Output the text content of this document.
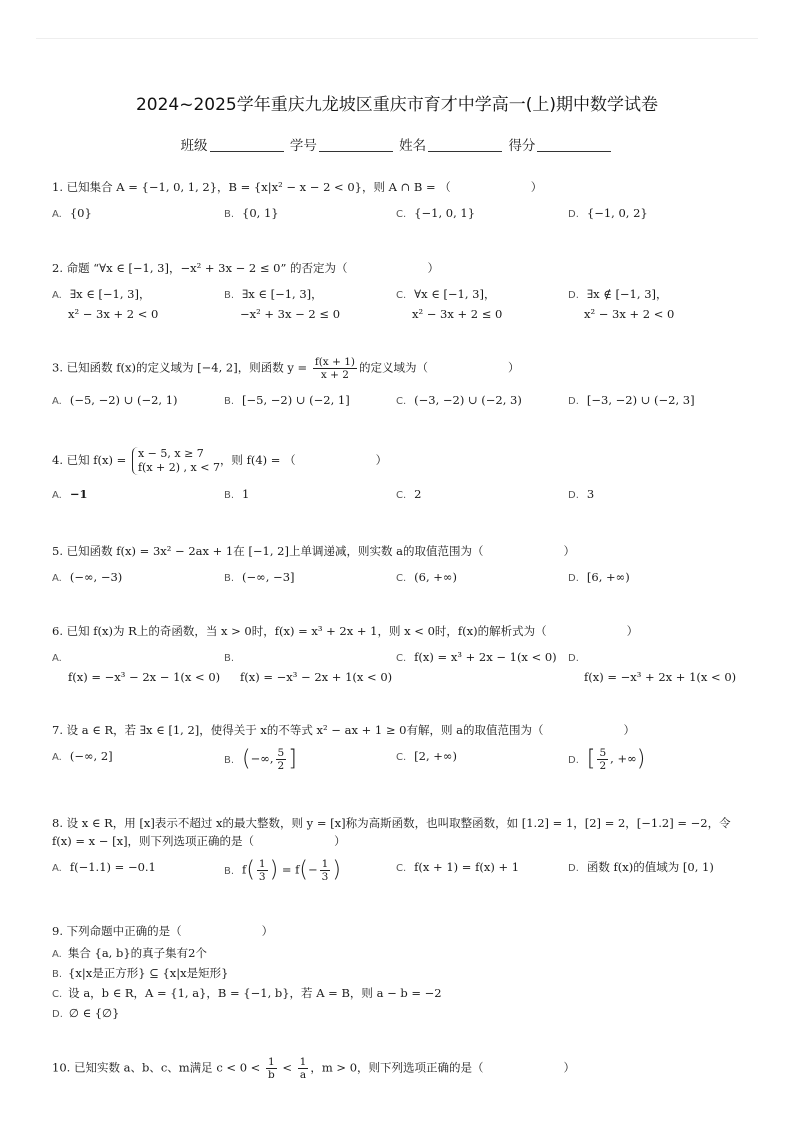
2024~2025学年重庆九龙坡区重庆市育才中学高一(上)期中数学试卷
班级	学号	姓名	得分
1. 已知集合 A = {−1, 0, 1, 2}，B = {x|x² − x − 2 < 0}，则 A ∩ B = （	）
A. {0}	B. {0, 1}	C. {−1, 0, 1}	D. {−1, 0, 2}
2. 命题 “∀x ∈ [−1, 3]，−x² + 3x − 2 ≤ 0” 的否定为（	）
A. ∃x ∈ [−1, 3]，
x² − 3x + 2 < 0
B. ∃x ∈ [−1, 3]，
−x² + 3x − 2 ≤ 0
C. ∀x ∈ [−1, 3]，
x² − 3x + 2 ≤ 0
D. ∃x ∉ [−1, 3]，
x² − 3x + 2 < 0
3. 已知函数 f(x)的定义域为 [−4, 2]，则函数 $y = \frac{f(x + 1)}{x + 2}$ 的定义域为（	）
A. (−5, −2) ∪ (−2, 1)	B. [−5, −2) ∪ (−2, 1]	C. (−3, −2) ∪ (−2, 3)	D. [−3, −2) ∪ (−2, 3]
4. 已知 f(x) = x − 5, x ≥ 7
f(x + 2) , x < 7
，则 f(4) = （	）
A. −1	B. 1	C. 2	D. 3
5. 已知函数 f(x) = 3x² − 2ax + 1在 [−1, 2]上单调递减，则实数 a的取值范围为（	）
A. (−∞, −3)	B. (−∞, −3]	C. (6, +∞)	D. [6, +∞)
6. 已知 f(x)为 R上的奇函数，当 x > 0时，f(x) = x³ + 2x + 1，则 x < 0时，f(x)的解析式为（	）
A.
f(x) = −x³ − 2x − 1(x < 0)
B.
f(x) = −x³ − 2x + 1(x < 0)
C. f(x) = x³ + 2x − 1(x < 0) D.
f(x) = −x³ + 2x + 1(x < 0)
7. 设 a ∈ R，若 ∃x ∈ [1, 2]，使得关于 x的不等式 x² − ax + 1 ≥ 0有解，则 a的取值范围为（	）
A. (−∞, 2]	B. (−∞, $\frac{5}{2}$ ]	C. [2, +∞)	D. [ $\frac{5}{2}$ , +∞)
8. 设 x ∈ R，用 [x]表示不超过 x的最大整数，则 y = [x]称为高斯函数，也叫取整函数，如 [1.2] = 1，[2] = 2，[−1.2] = −2，令
f(x) = x − [x]，则下列选项正确的是（	）
A. f(−1.1) = −0.1	B. $f( \frac{1}{3}$ ) = $f(- \frac{1}{3}$ )	C. f(x + 1) = f(x) + 1	D. 函数 f(x)的值域为 [0, 1)
9. 下列命题中正确的是（	）
A. 集合 {a, b}的真子集有2个
B. {x|x是正方形} ⊆ {x|x是矩形}
C. 设 a，b ∈ R，A = {1, a}，B = {−1, b}，若 A = B，则 a − b = −2
D. ∅ ∈ {∅}
10. 已知实数 a、b、c、m满足 $c < 0 < \frac{1}{b} < \frac{1}{a}$ ，m > 0，则下列选项正确的是（	）
